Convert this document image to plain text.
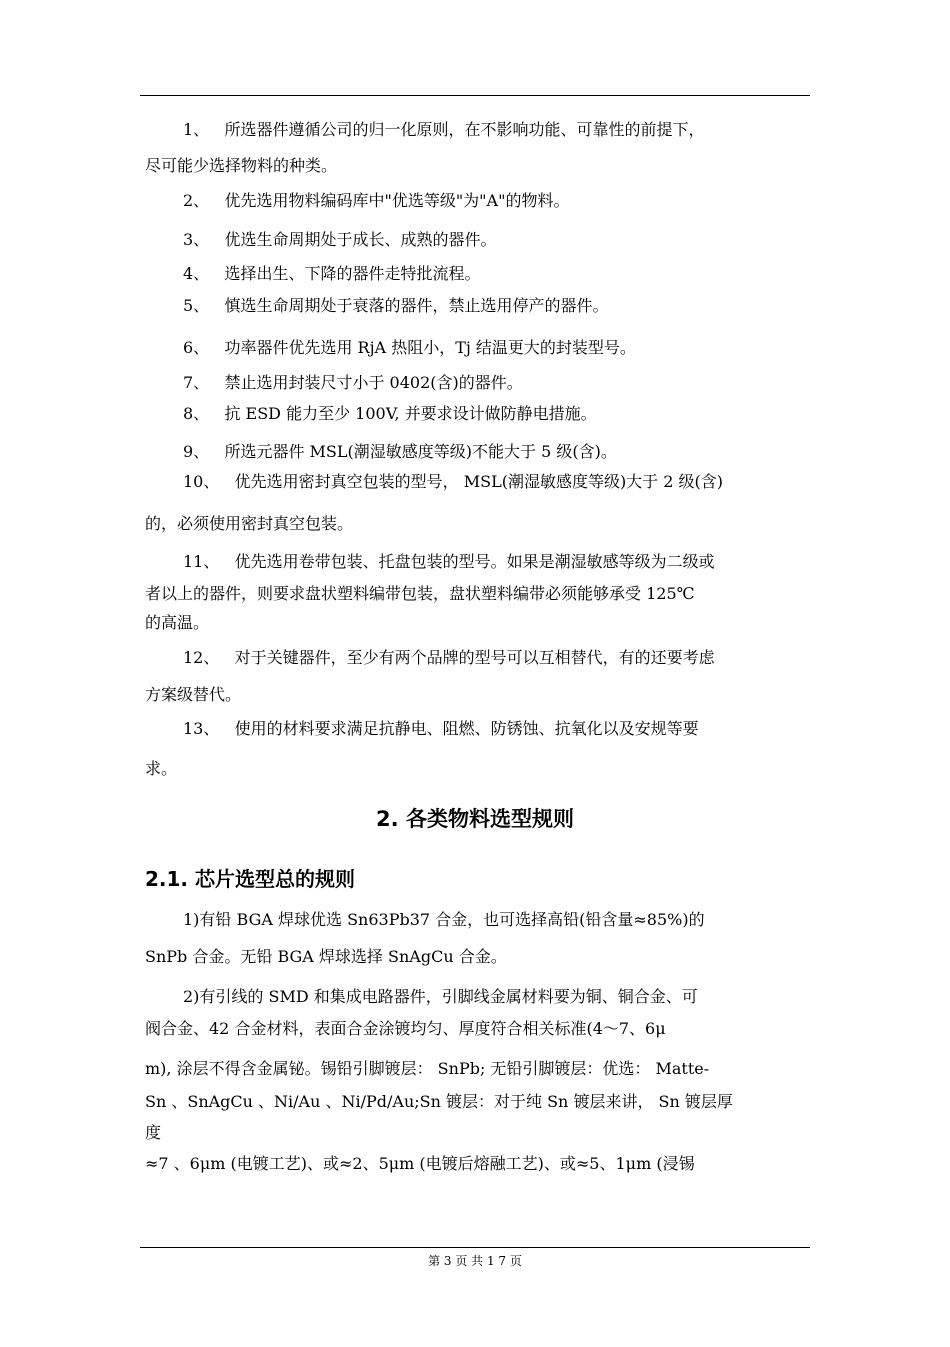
1、 所选器件遵循公司的归一化原则，在不影响功能、可靠性的前提下，
尽可能少选择物料的种类。
2、 优先选用物料编码库中"优选等级"为"A"的物料。
3、 优选生命周期处于成长、成熟的器件。
4、 选择出生、下降的器件走特批流程。
5、 慎选生命周期处于衰落的器件，禁止选用停产的器件。
6、 功率器件优先选用 RjA 热阻小，Tj 结温更大的封装型号。
7、 禁止选用封装尺寸小于 0402(含)的器件。
8、 抗 ESD 能力至少 100V, 并要求设计做防静电措施。
9、 所选元器件 MSL(潮湿敏感度等级)不能大于 5 级(含)。
10、 优先选用密封真空包装的型号， MSL(潮湿敏感度等级)大于 2 级(含)
的，必须使用密封真空包装。
11、 优先选用卷带包装、托盘包装的型号。如果是潮湿敏感等级为二级或
者以上的器件，则要求盘状塑料编带包装，盘状塑料编带必须能够承受 125℃
的高温。
12、 对于关键器件，至少有两个品牌的型号可以互相替代，有的还要考虑
方案级替代。
13、 使用的材料要求满足抗静电、阻燃、防锈蚀、抗氧化以及安规等要
求。
2. 各类物料选型规则
2.1. 芯片选型总的规则
1)有铅 BGA 焊球优选 Sn63Pb37 合金，也可选择高铅(铅含量≈85%)的
SnPb 合金。无铅 BGA 焊球选择 SnAgCu 合金。
2)有引线的 SMD 和集成电路器件，引脚线金属材料要为铜、铜合金、可
阀合金、42 合金材料，表面合金涂镀均匀、厚度符合相关标准(4～7、6μ
m), 涂层不得含金属铋。锡铅引脚镀层： SnPb; 无铅引脚镀层：优选： Matte-
Sn 、SnAgCu 、Ni/Au 、Ni/Pd/Au;Sn 镀层：对于纯 Sn 镀层来讲， Sn 镀层厚
度
≈7 、6μm (电镀工艺)、或≈2、5μm (电镀后熔融工艺)、或≈5、1μm (浸锡
第 3 页 共 1 7 页
